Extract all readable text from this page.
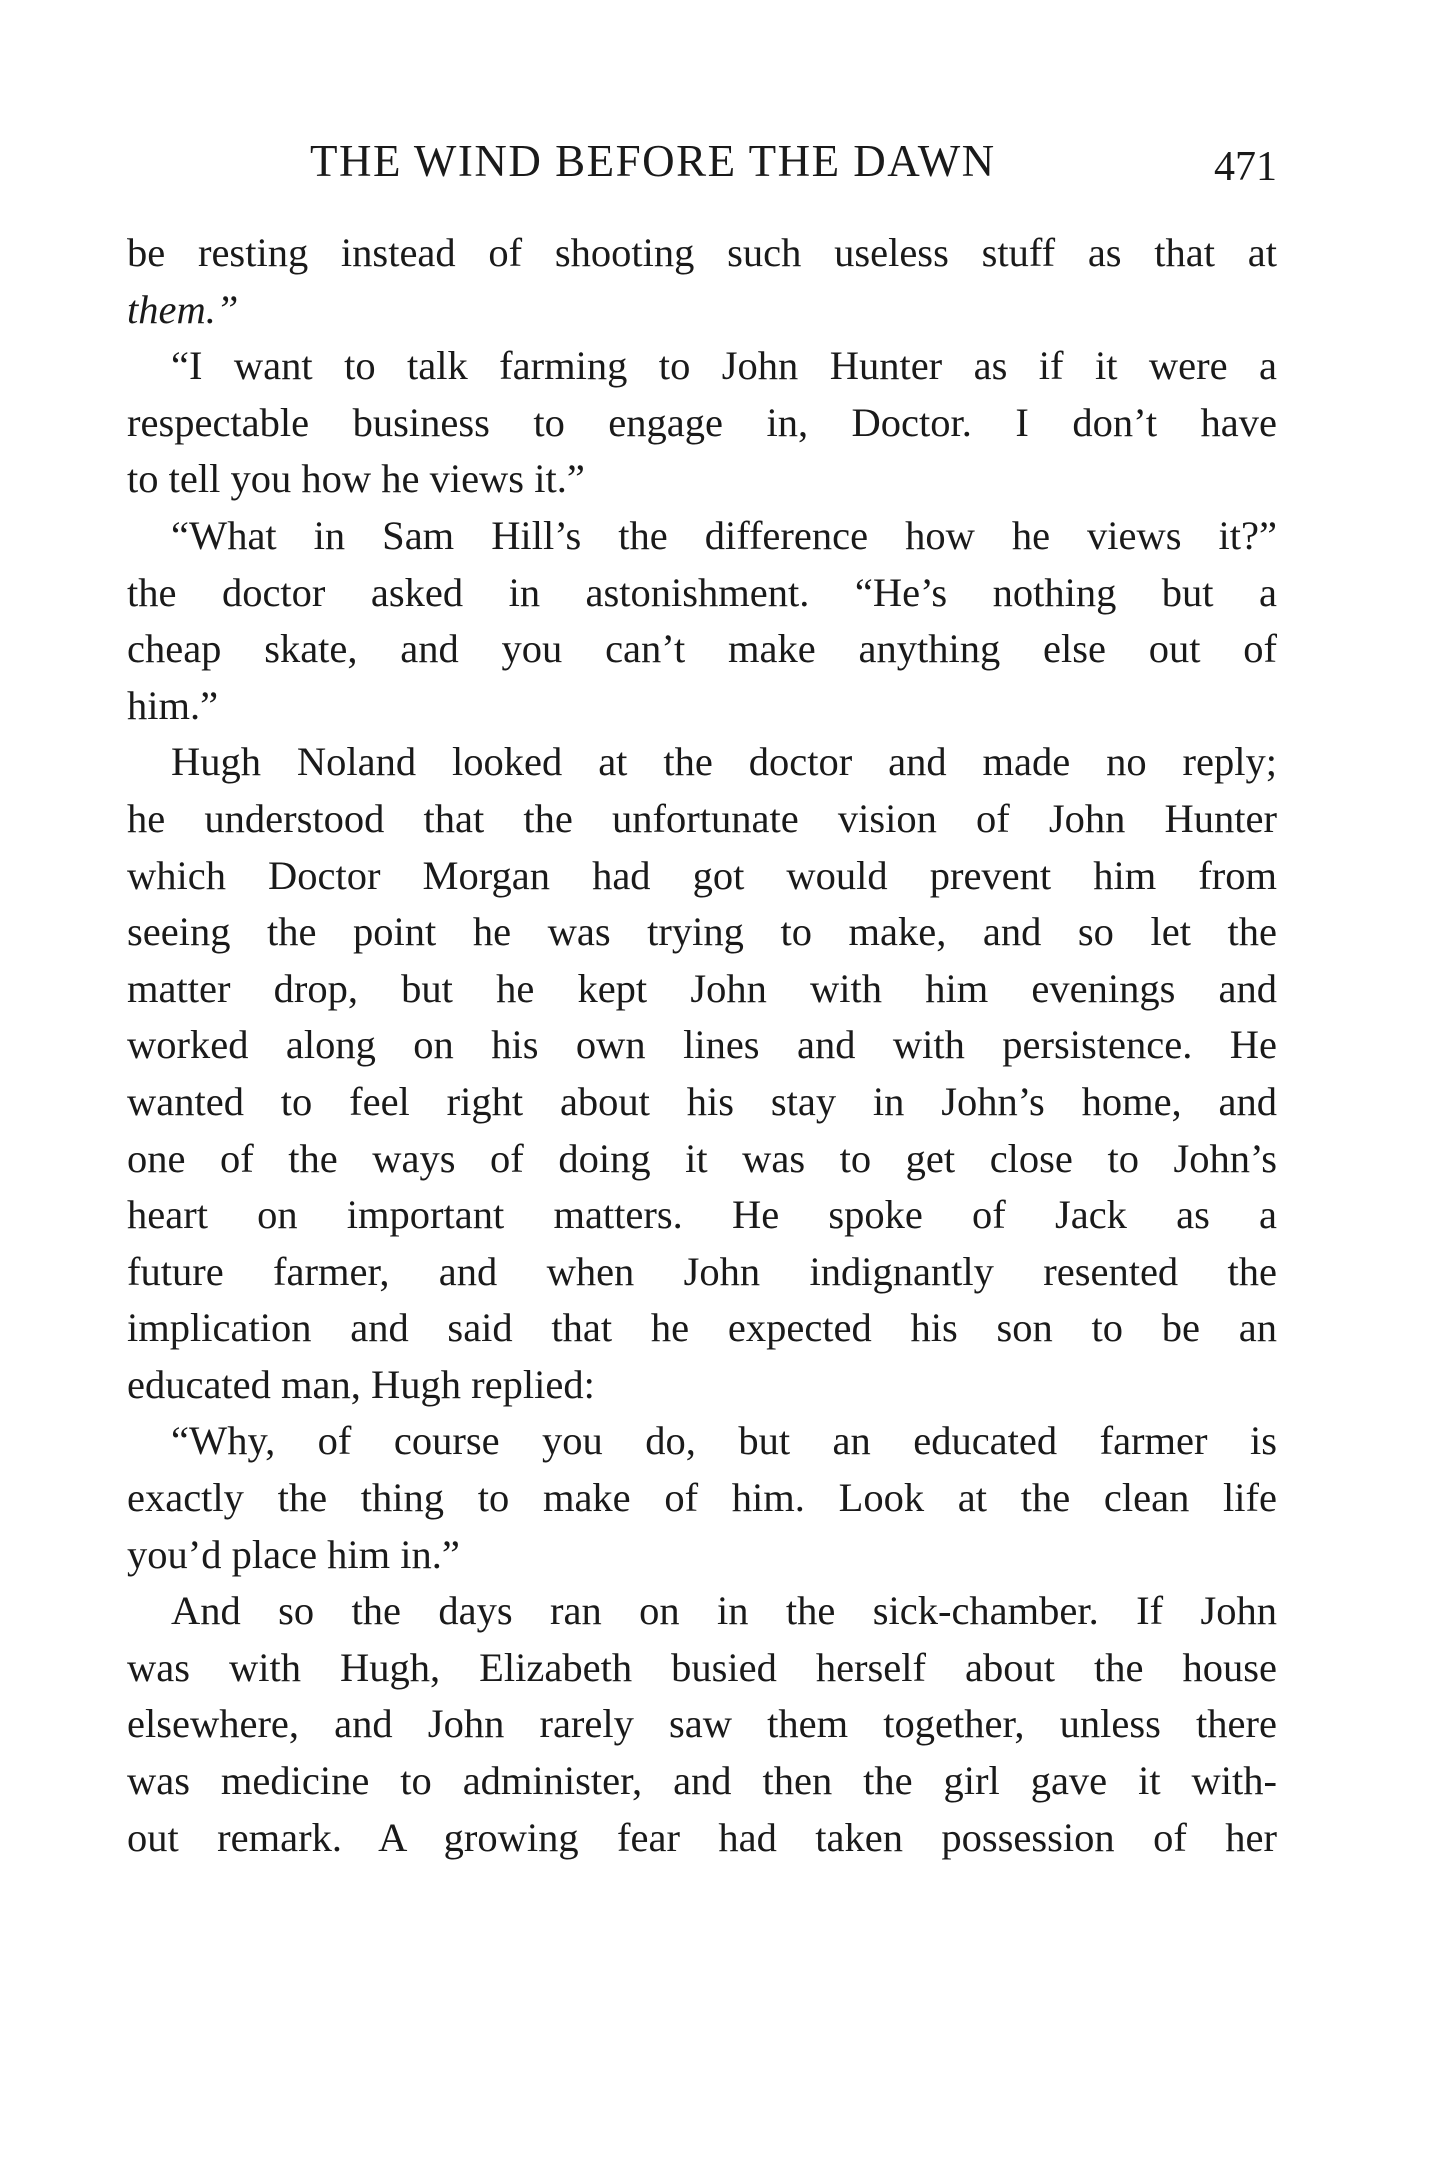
THE WIND BEFORE THE DAWN	471
be resting instead of shooting such useless stuff as that at
them.”
“I want to talk farming to John Hunter as if it were a
respectable business to engage in, Doctor. I don’t have
to tell you how he views it.”
“What in Sam Hill’s the difference how he views it?”
the doctor asked in astonishment. “He’s nothing but a
cheap skate, and you can’t make anything else out of
him.”
Hugh Noland looked at the doctor and made no reply;
he understood that the unfortunate vision of John Hunter
which Doctor Morgan had got would prevent him from
seeing the point he was trying to make, and so let the
matter drop, but he kept John with him evenings and
worked along on his own lines and with persistence. He
wanted to feel right about his stay in John’s home, and
one of the ways of doing it was to get close to John’s
heart on important matters. He spoke of Jack as a
future farmer, and when John indignantly resented the
implication and said that he expected his son to be an
educated man, Hugh replied:
“Why, of course you do, but an educated farmer is
exactly the thing to make of him. Look at the clean life
you’d place him in.”
And so the days ran on in the sick-chamber. If John
was with Hugh, Elizabeth busied herself about the house
elsewhere, and John rarely saw them together, unless there
was medicine to administer, and then the girl gave it with-
out remark. A growing fear had taken possession of her
